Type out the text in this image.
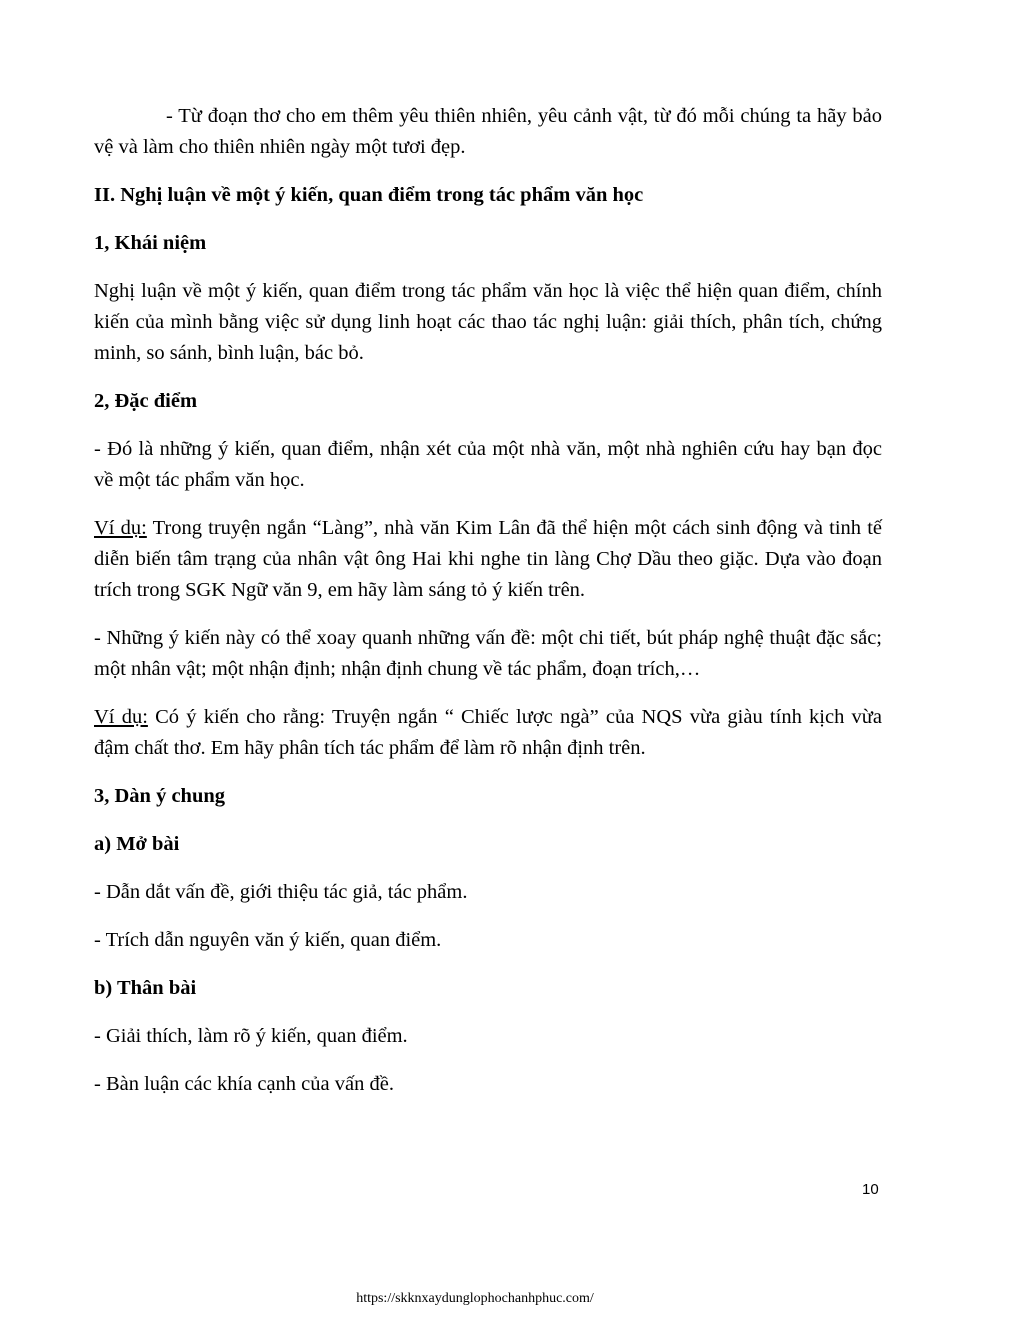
- Từ đoạn thơ cho em thêm yêu thiên nhiên, yêu cảnh vật, từ đó mỗi chúng ta hãy bảo vệ và làm cho thiên nhiên ngày một tươi đẹp.

II. Nghị luận về một ý kiến, quan điểm trong tác phẩm văn học

1, Khái niệm

Nghị luận về một ý kiến, quan điểm trong tác phẩm văn học là việc thể hiện quan điểm, chính kiến của mình bằng việc sử dụng linh hoạt các thao tác nghị luận: giải thích, phân tích, chứng minh, so sánh, bình luận, bác bỏ.

2, Đặc điểm

- Đó là những ý kiến, quan điểm, nhận xét của một nhà văn, một nhà nghiên cứu hay bạn đọc về một tác phẩm văn học.

Ví dụ: Trong truyện ngắn “Làng”, nhà văn Kim Lân đã thể hiện một cách sinh động và tinh tế diễn biến tâm trạng của nhân vật ông Hai khi nghe tin làng Chợ Dầu theo giặc. Dựa vào đoạn trích trong SGK Ngữ văn 9, em hãy làm sáng tỏ ý kiến trên.

- Những ý kiến này có thể xoay quanh những vấn đề: một chi tiết, bút pháp nghệ thuật đặc sắc; một nhân vật; một nhận định; nhận định chung về tác phẩm, đoạn trích,…

Ví dụ: Có ý kiến cho rằng: Truyện ngắn “ Chiếc lược ngà” của NQS vừa giàu tính kịch vừa đậm chất thơ. Em hãy phân tích tác phẩm để làm rõ nhận định trên.

3, Dàn ý chung

a) Mở bài

- Dẫn dắt vấn đề, giới thiệu tác giả, tác phẩm.

- Trích dẫn nguyên văn ý kiến, quan điểm.

b) Thân bài

- Giải thích, làm rõ ý kiến, quan điểm.

- Bàn luận các khía cạnh của vấn đề.

10
https://skknxaydunglophochanhphuc.com/
